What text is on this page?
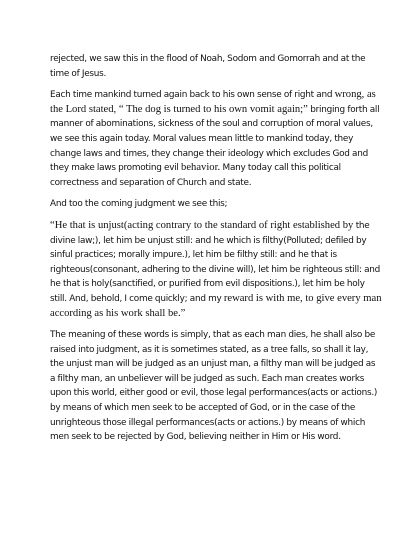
rejected, we saw this in the flood of Noah, Sodom and Gomorrah and at the time of Jesus.

Each time mankind turned again back to his own sense of right and wrong, as the Lord stated, “ The dog is turned to his own vomit again;” bringing forth all manner of abominations, sickness of the soul and corruption of moral values, we see this again today. Moral values mean little to mankind today, they change laws and times, they change their ideology which excludes God and they make laws promoting evil behavior. Many today call this political correctness and separation of Church and state.

And too the coming judgment we see this;

“He that is unjust(acting contrary to the standard of right established by the divine law;), let him be unjust still: and he which is filthy(Polluted; defiled by sinful practices; morally impure.), let him be filthy still: and he that is righteous(consonant, adhering to the divine will), let him be righteous still: and he that is holy(sanctified, or purified from evil dispositions.), let him be holy still. And, behold, I come quickly; and my reward is with me, to give every man according as his work shall be.”

The meaning of these words is simply, that as each man dies, he shall also be raised into judgment, as it is sometimes stated, as a tree falls, so shall it lay, the unjust man will be judged as an unjust man, a filthy man will be judged as a filthy man, an unbeliever will be judged as such. Each man creates works upon this world, either good or evil, those legal performances(acts or actions.) by means of which men seek to be accepted of God, or in the case of the unrighteous those illegal performances(acts or actions.) by means of which men seek to be rejected by God, believing neither in Him or His word.
